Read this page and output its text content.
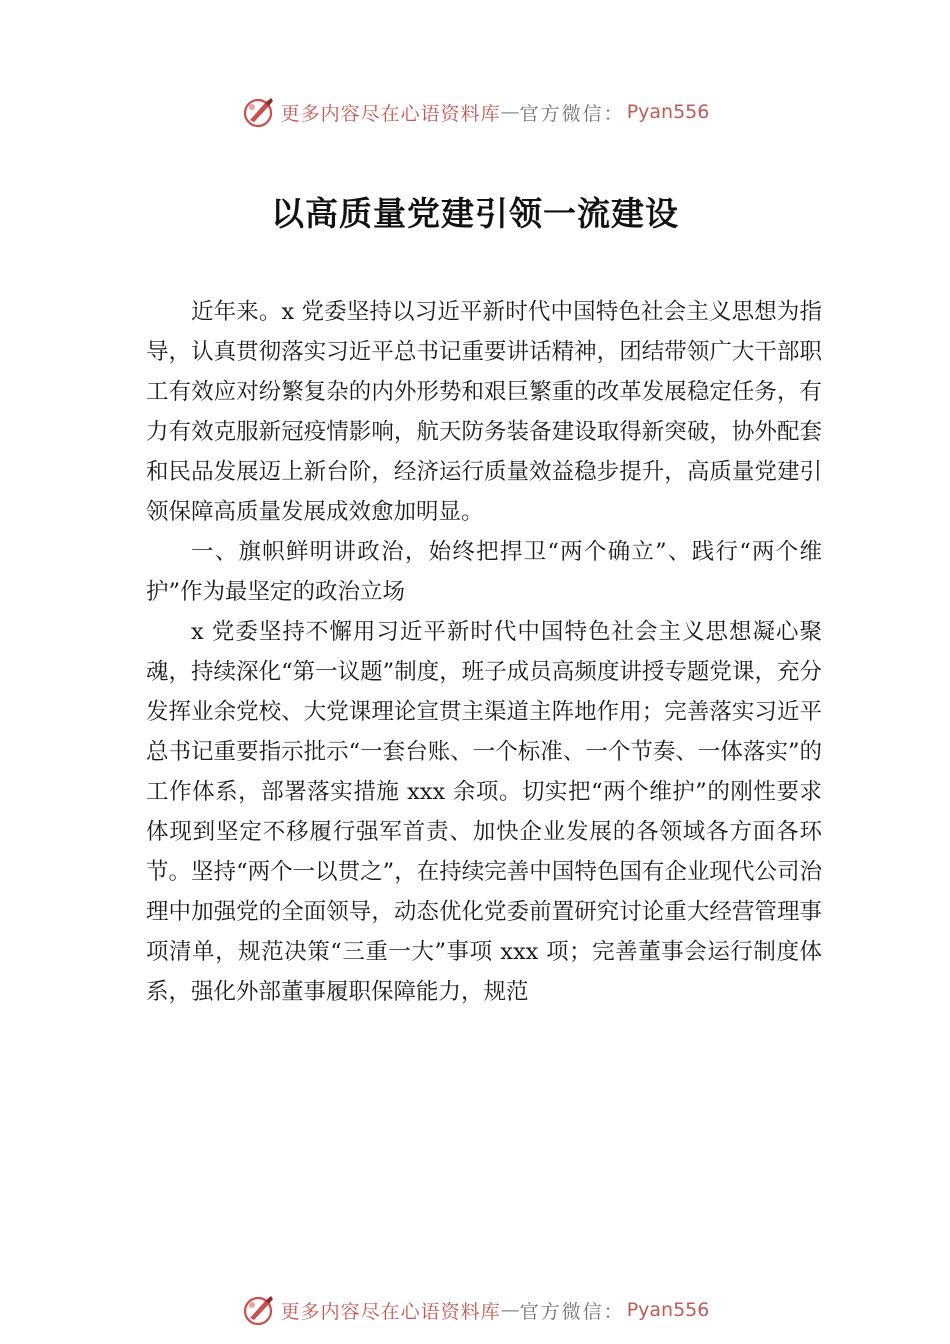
更多内容尽在心语资料库 — 官方微信： Pyan556
以高质量党建引领一流建设

近年来。x 党委坚持以习近平新时代中国特色社会主义思想为指导，认真贯彻落实习近平总书记重要讲话精神，团结带领广大干部职工有效应对纷繁复杂的内外形势和艰巨繁重的改革发展稳定任务，有力有效克服新冠疫情影响，航天防务装备建设取得新突破，协外配套和民品发展迈上新台阶，经济运行质量效益稳步提升，高质量党建引领保障高质量发展成效愈加明显。

一、旗帜鲜明讲政治，始终把捍卫“两个确立”、践行“两个维护”作为最坚定的政治立场

x 党委坚持不懈用习近平新时代中国特色社会主义思想凝心聚魂，持续深化“第一议题”制度，班子成员高频度讲授专题党课，充分发挥业余党校、大党课理论宣贯主渠道主阵地作用；完善落实习近平总书记重要指示批示“一套台账、一个标准、一个节奏、一体落实”的工作体系，部署落实措施 xxx 余项。切实把“两个维护”的刚性要求体现到坚定不移履行强军首责、加快企业发展的各领域各方面各环节。坚持“两个一以贯之”，在持续完善中国特色国有企业现代公司治理中加强党的全面领导，动态优化党委前置研究讨论重大经营管理事项清单，规范决策“三重一大”事项 xxx 项；完善董事会运行制度体系，强化外部董事履职保障能力，规范

更多内容尽在心语资料库 — 官方微信： Pyan556
